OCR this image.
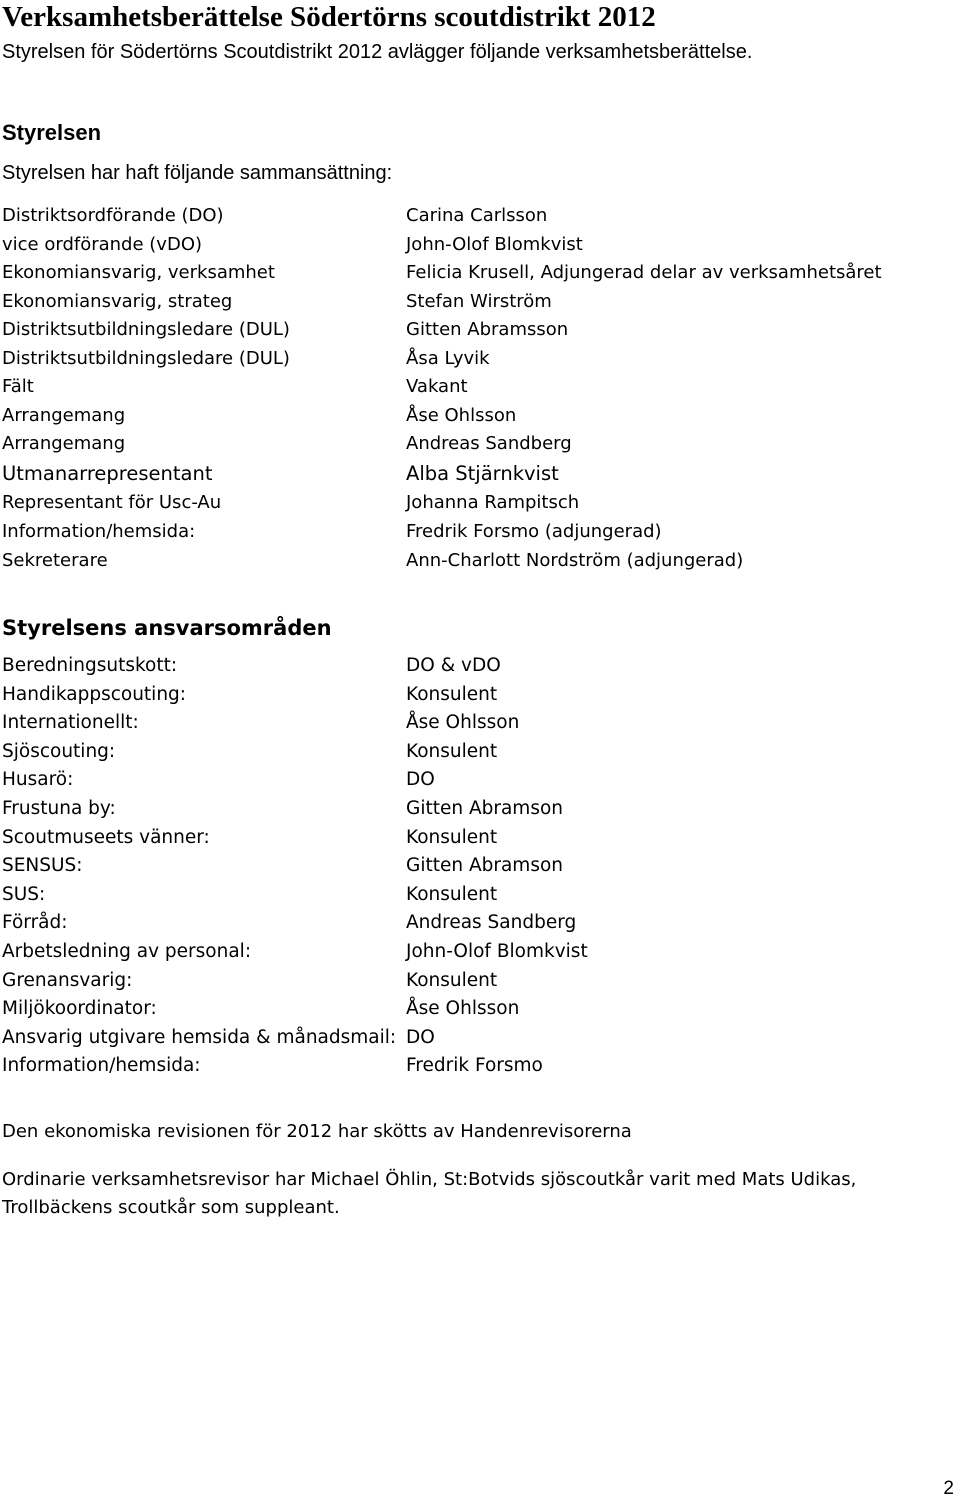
Verksamhetsberättelse Södertörns scoutdistrikt 2012

Styrelsen för Södertörns Scoutdistrikt 2012 avlägger följande verksamhetsberättelse.

Styrelsen

Styrelsen har haft följande sammansättning:

Distriktsordförande (DO)	Carina Carlsson
vice ordförande (vDO)	John-Olof Blomkvist
Ekonomiansvarig, verksamhet	Felicia Krusell, Adjungerad delar av verksamhetsåret
Ekonomiansvarig, strateg	Stefan Wirström
Distriktsutbildningsledare (DUL)	Gitten Abramsson
Distriktsutbildningsledare (DUL)	Åsa Lyvik
Fält	Vakant
Arrangemang	Åse Ohlsson
Arrangemang	Andreas Sandberg
Utmanarrepresentant	Alba Stjärnkvist
Representant för Usc-Au	Johanna Rampitsch
Information/hemsida:	Fredrik Forsmo (adjungerad)
Sekreterare	Ann-Charlott Nordström (adjungerad)

Styrelsens ansvarsområden

Beredningsutskott:	DO & vDO
Handikappscouting:	Konsulent
Internationellt:	Åse Ohlsson
Sjöscouting:	Konsulent
Husarö:	DO
Frustuna by:	Gitten Abramson
Scoutmuseets vänner:	Konsulent
SENSUS:	Gitten Abramson
SUS:	Konsulent
Förråd:	Andreas Sandberg
Arbetsledning av personal:	John-Olof Blomkvist
Grenansvarig:	Konsulent
Miljökoordinator:	Åse Ohlsson
Ansvarig utgivare hemsida & månadsmail: DO
Information/hemsida:	Fredrik Forsmo

Den ekonomiska revisionen för 2012 har skötts av Handenrevisorerna

Ordinarie verksamhetsrevisor har Michael Öhlin, St:Botvids sjöscoutkår varit med Mats Udikas, Trollbäckens scoutkår som suppleant.

2
